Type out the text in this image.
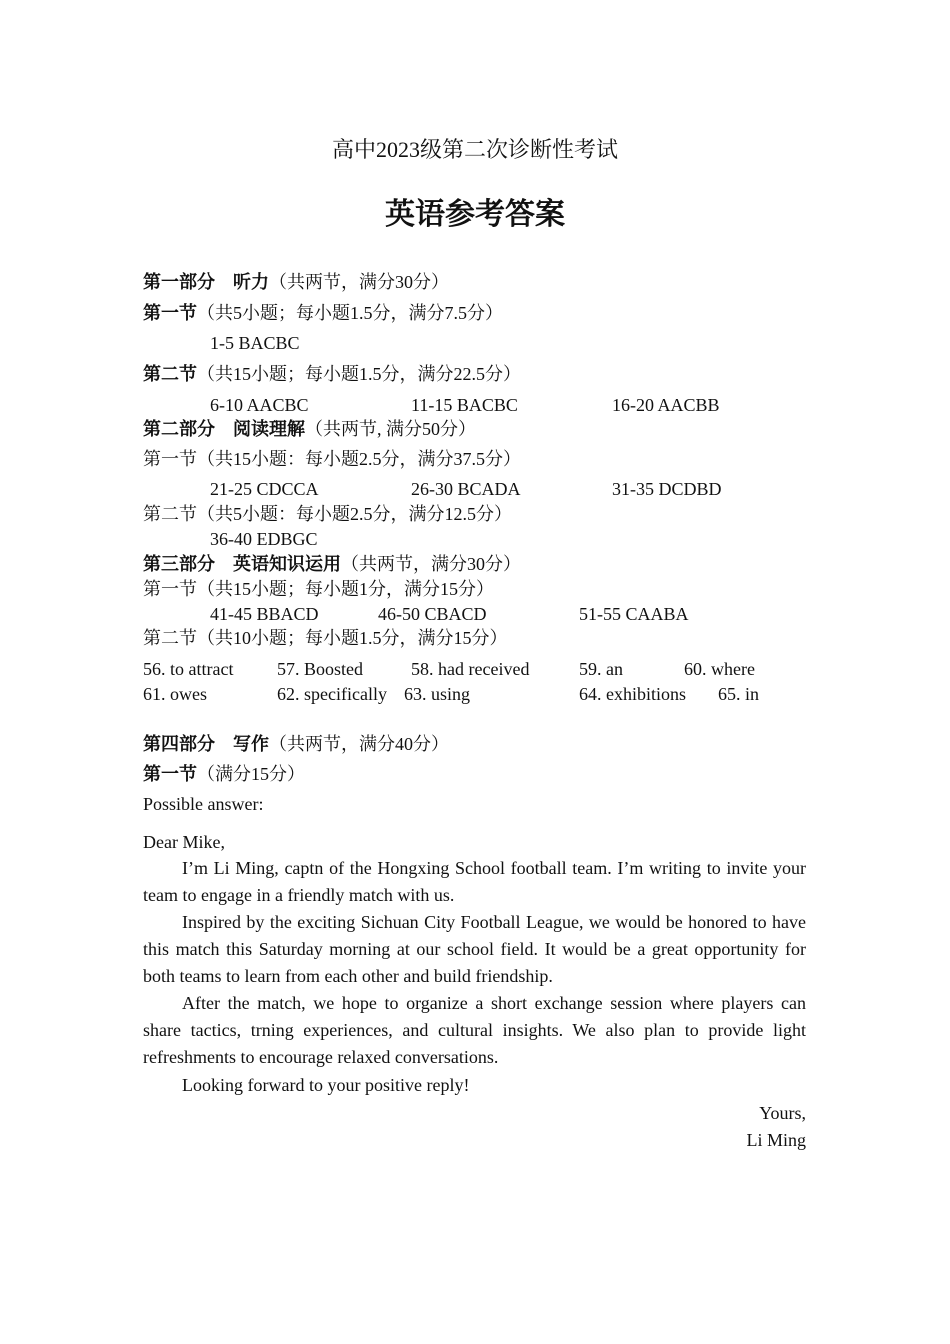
高中2023级第二次诊断性考试
英语参考答案
第一部分　听力（共两节，满分30分）
第一节（共5小题；每小题1.5分，满分7.5分）
1-5 BACBC
第二节（共15小题；每小题1.5分，满分22.5分）
6-10 AACBC	11-15 BACBC	16-20 AACBB
第二部分　阅读理解（共两节, 满分50分）
第一节（共15小题：每小题2.5分，满分37.5分）
21-25 CDCCA	26-30 BCADA	31-35 DCDBD
第二节（共5小题：每小题2.5分，满分12.5分）
36-40 EDBGC
第三部分　英语知识运用（共两节，满分30分）
第一节（共15小题；每小题1分，满分15分）
41-45 BBACD	46-50 CBACD	51-55 CAABA
第二节（共10小题；每小题1.5分，满分15分）
56. to attract 57. Boosted	58. had received	59. an	60. where
61. owes	62. specifically 63. using	64. exhibitions 65. in
第四部分　写作（共两节，满分40分）
第一节（满分15分）
Possible answer:
Dear Mike,
I’m Li Ming, captn of the Hongxing School football team. I’m writing to invite your team to engage in a friendly match with us.
Inspired by the exciting Sichuan City Football League, we would be honored to have this match this Saturday morning at our school field. It would be a great opportunity for both teams to learn from each other and build friendship.
After the match, we hope to organize a short exchange session where players can share tactics, trning experiences, and cultural insights. We also plan to provide light refreshments to encourage relaxed conversations.
Looking forward to your positive reply!
Yours,
Li Ming
